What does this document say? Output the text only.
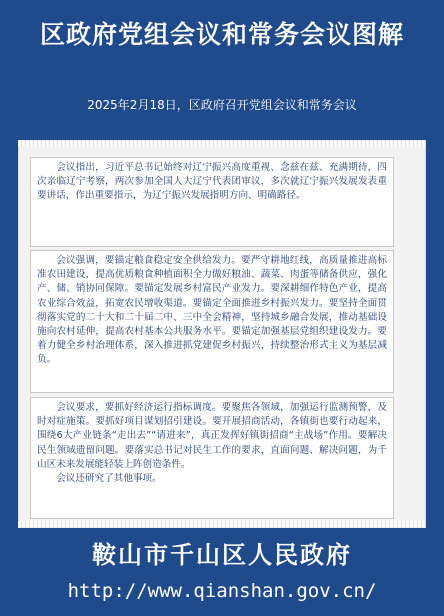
区政府党组会议和常务会议图解
2025年2月18日，区政府召开党组会议和常务会议

会议指出，习近平总书记始终对辽宁振兴高度重视、念兹在兹、充满期待，四次亲临辽宁考察，两次参加全国人大辽宁代表团审议，多次就辽宁振兴发展发表重要讲话，作出重要指示，为辽宁振兴发展指明方向、明确路径。

会议强调，要锚定粮食稳定安全供给发力。要严守耕地红线，高质量推进高标准农田建设，提高优质粮食种植面积全力做好粮油、蔬菜、肉蛋等储备供应，强化产、储、销协同保障。要锚定发展乡村富民产业发力。要深耕细作特色产业，提高农业综合效益，拓宽农民增收渠道。要锚定全面推进乡村振兴发力。要坚持全面贯彻落实党的二十大和二十届二中、三中全会精神，坚持城乡融合发展，推动基础设施向农村延伸，提高农村基本公共服务水平。要锚定加强基层党组织建设发力。要着力健全乡村治理体系，深入推进抓党建促乡村振兴，持续整治形式主义为基层减负。

会议要求，要抓好经济运行指标调度。要聚焦各领域，加强运行监测预警，及时对症施策。要抓好项目谋划招引建设。要开展招商活动，各镇街也要行动起来，围绕6大产业链条“走出去”“请进来”，真正发挥好镇街招商“主战场”作用。要解决民生领域遗留问题。要落实总书记对民生工作的要求，直面问题、解决问题，为千山区未来发展能轻装上阵创造条件。

会议还研究了其他事项。

鞍山市千山区人民政府
http://www.qianshan.gov.cn/
